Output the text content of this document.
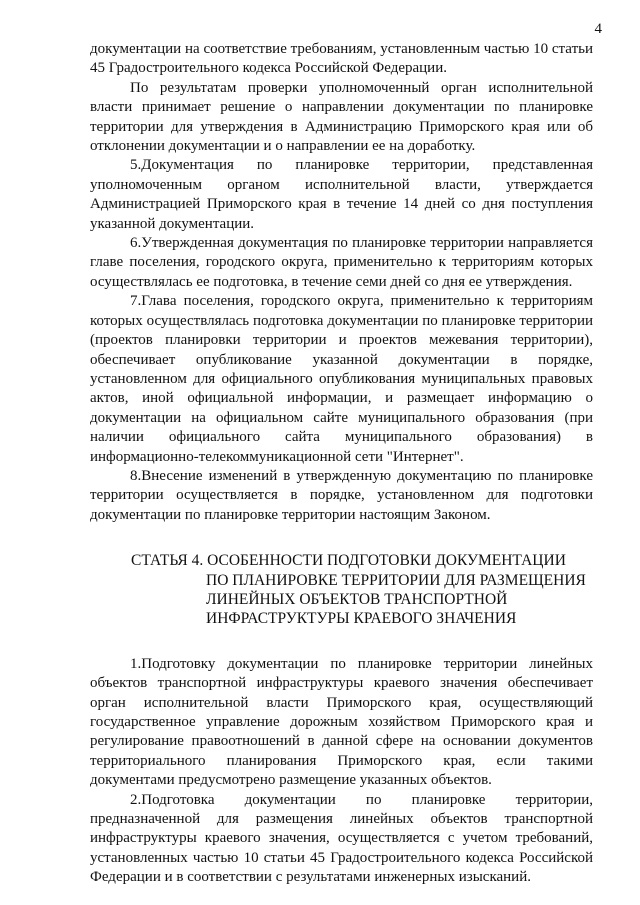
4

документации на соответствие требованиям, установленным частью 10 статьи 45 Градостроительного кодекса Российской Федерации.

По результатам проверки уполномоченный орган исполнительной власти принимает решение о направлении документации по планировке территории для утверждения в Администрацию Приморского края или об отклонении документации и о направлении ее на доработку.

5.Документация по планировке территории, представленная уполномоченным органом исполнительной власти, утверждается Администрацией Приморского края в течение 14 дней со дня поступления указанной документации.

6.Утвержденная документация по планировке территории направляется главе поселения, городского округа, применительно к территориям которых осуществлялась ее подготовка, в течение семи дней со дня ее утверждения.

7.Глава поселения, городского округа, применительно к территориям которых осуществлялась подготовка документации по планировке территории (проектов планировки территории и проектов межевания территории), обеспечивает опубликование указанной документации в порядке, установленном для официального опубликования муниципальных правовых актов, иной официальной информации, и размещает информацию о документации на официальном сайте муниципального образования (при наличии официального сайта муниципального образования) в информационно-телекоммуникационной сети "Интернет".

8.Внесение изменений в утвержденную документацию по планировке территории осуществляется в порядке, установленном для подготовки документации по планировке территории настоящим Законом.

СТАТЬЯ 4. ОСОБЕННОСТИ ПОДГОТОВКИ ДОКУМЕНТАЦИИ
ПО ПЛАНИРОВКЕ ТЕРРИТОРИИ ДЛЯ РАЗМЕЩЕНИЯ
ЛИНЕЙНЫХ ОБЪЕКТОВ ТРАНСПОРТНОЙ
ИНФРАСТРУКТУРЫ КРАЕВОГО ЗНАЧЕНИЯ

1.Подготовку документации по планировке территории линейных объектов транспортной инфраструктуры краевого значения обеспечивает орган исполнительной власти Приморского края, осуществляющий государственное управление дорожным хозяйством Приморского края и регулирование правоотношений в данной сфере на основании документов территориального планирования Приморского края, если такими документами предусмотрено размещение указанных объектов.

2.Подготовка документации по планировке территории, предназначенной для размещения линейных объектов транспортной инфраструктуры краевого значения, осуществляется с учетом требований, установленных частью 10 статьи 45 Градостроительного кодекса Российской Федерации и в соответствии с результатами инженерных изысканий.
